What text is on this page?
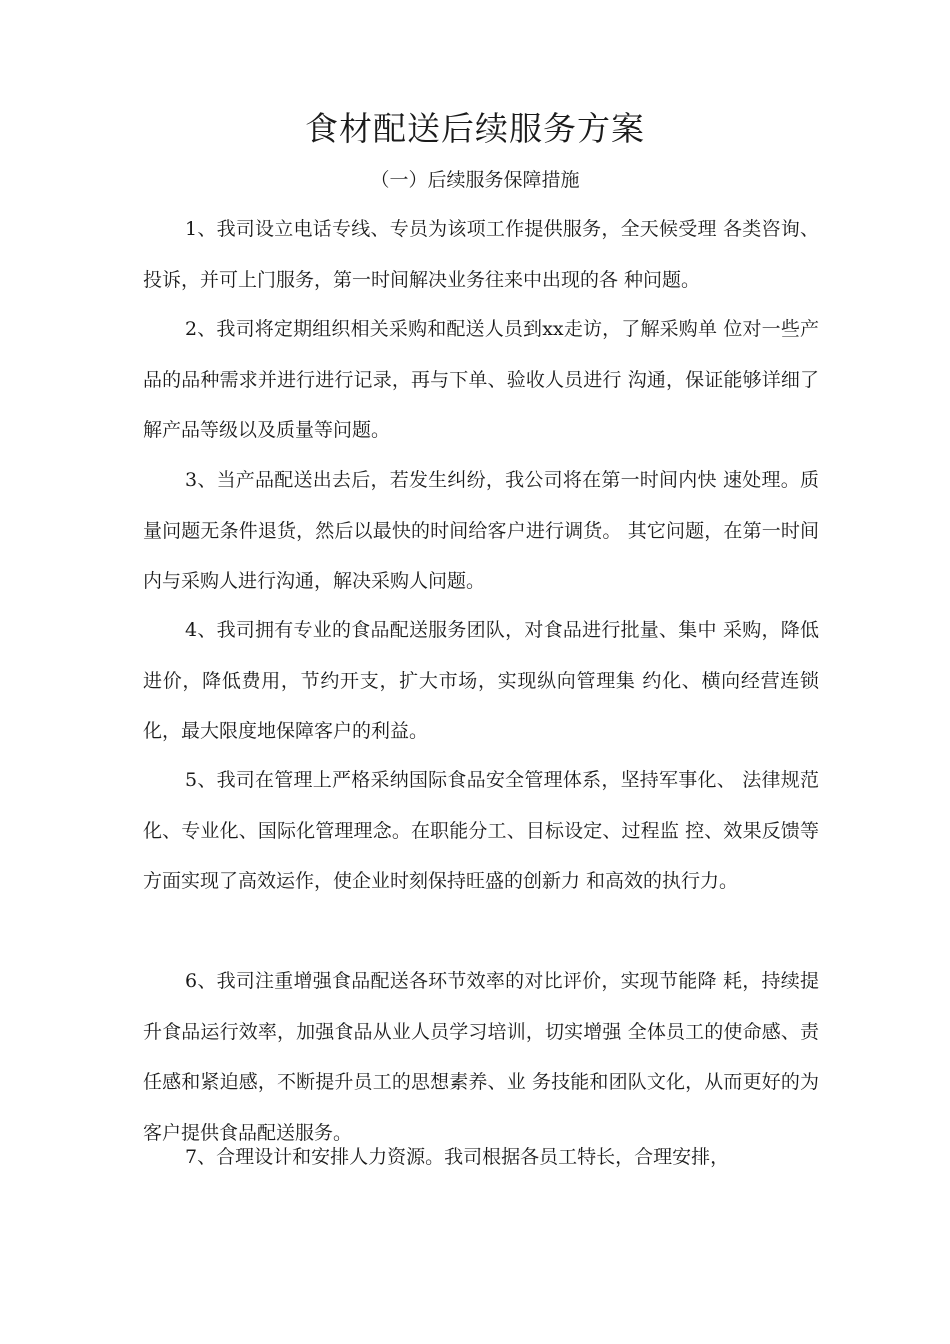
食材配送后续服务方案

（一）后续服务保障措施

1、我司设立电话专线、专员为该项工作提供服务，全天候受理 各类咨询、投诉，并可上门服务，第一时间解决业务往来中出现的各 种问题。

2、我司将定期组织相关采购和配送人员到xx走访，了解采购单 位对一些产品的品种需求并进行进行记录，再与下单、验收人员进行 沟通，保证能够详细了解产品等级以及质量等问题。

3、当产品配送出去后，若发生纠纷，我公司将在第一时间内快 速处理。质量问题无条件退货，然后以最快的时间给客户进行调货。 其它问题，在第一时间内与采购人进行沟通，解决采购人问题。

4、我司拥有专业的食品配送服务团队，对食品进行批量、集中 采购，降低进价，降低费用，节约开支，扩大市场，实现纵向管理集 约化、横向经营连锁化，最大限度地保障客户的利益。

5、我司在管理上严格采纳国际食品安全管理体系，坚持军事化、 法律规范化、专业化、国际化管理理念。在职能分工、目标设定、过程监 控、效果反馈等方面实现了高效运作，使企业时刻保持旺盛的创新力 和高效的执行力。

6、我司注重增强食品配送各环节效率的对比评价，实现节能降 耗，持续提升食品运行效率，加强食品从业人员学习培训，切实增强 全体员工的使命感、责任感和紧迫感，不断提升员工的思想素养、业 务技能和团队文化，从而更好的为客户提供食品配送服务。

7、合理设计和安排人力资源。我司根据各员工特长，合理安排，
